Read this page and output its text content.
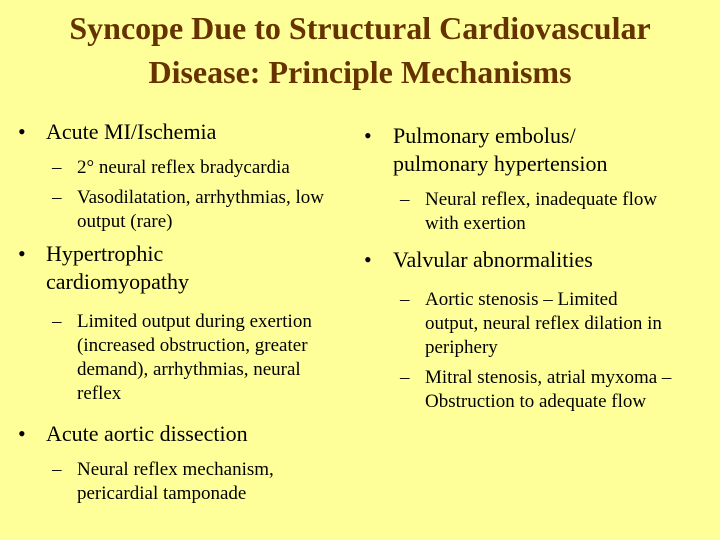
Syncope Due to Structural Cardiovascular
Disease: Principle Mechanisms
• Acute MI/Ischemia
– 2° neural reflex bradycardia
– Vasodilatation, arrhythmias, low output (rare)
• Hypertrophic cardiomyopathy
– Limited output during exertion (increased obstruction, greater demand), arrhythmias, neural reflex
• Acute aortic dissection
– Neural reflex mechanism, pericardial tamponade
• Pulmonary embolus/ pulmonary hypertension
– Neural reflex, inadequate flow with exertion
• Valvular abnormalities
– Aortic stenosis – Limited output, neural reflex dilation in periphery
– Mitral stenosis, atrial myxoma – Obstruction to adequate flow
